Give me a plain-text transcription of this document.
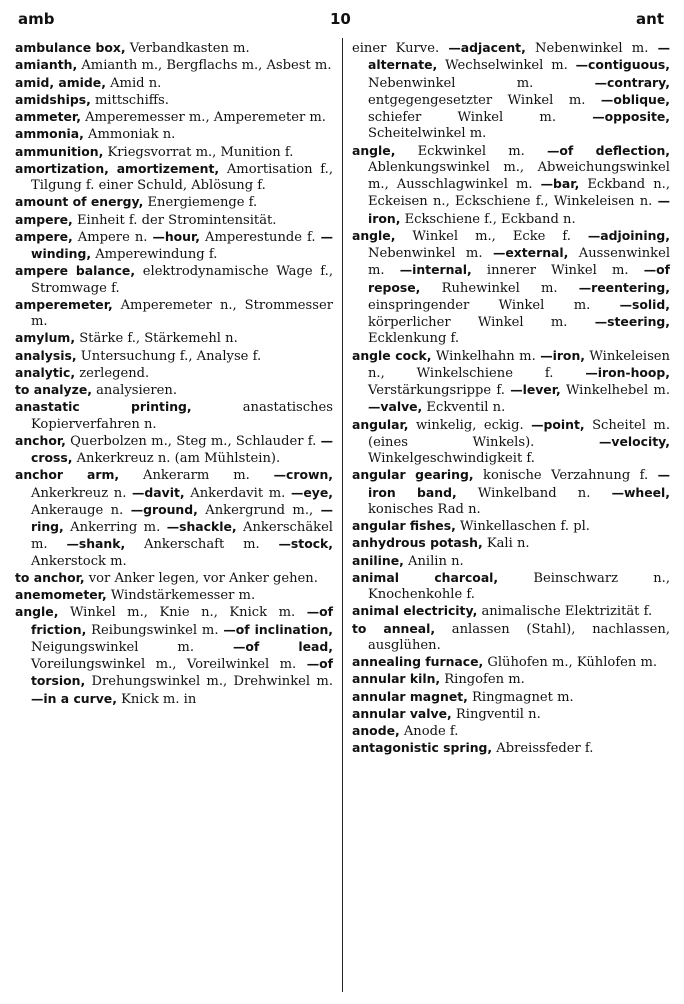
amb	10	ant
ambulance box, Verbandkasten m.
amianth, Amianth m., Bergflachs m., Asbest m.
amid, amide, Amid n.
amidships, mittschiffs.
ammeter, Amperemesser m., Amperemeter m.
ammonia, Ammoniak n.
ammunition, Kriegsvorrat m., Munition f.
amortization, amortizement, Amortisation f., Tilgung f. einer Schuld, Ablösung f.
amount of energy, Energiemenge f.
ampere, Einheit f. der Stromintensität.
ampere, Ampere n. —hour, Amperestunde f. —winding, Amperewindung f.
ampere balance, elektrodynamische Wage f., Stromwage f.
amperemeter, Amperemeter n., Strommesser m.
amylum, Stärke f., Stärkemehl n.
analysis, Untersuchung f., Analyse f.
analytic, zerlegend.
to analyze, analysieren.
anastatic printing, anastatisches Kopierverfahren n.
anchor, Querbolzen m., Steg m., Schlauder f. —cross, Ankerkreuz n. (am Mühlstein).
anchor arm, Ankerarm m. —crown, Ankerkreuz n. —davit, Ankerdavit m. —eye, Ankerauge n. —ground, Ankergrund m., —ring, Ankerring m. —shackle, Ankerschäkel m. —shank, Ankerschaft m. —stock, Ankerstock m.
to anchor, vor Anker legen, vor Anker gehen.
anemometer, Windstärkemesser m.
angle, Winkel m., Knie n., Knick m. —of friction, Reibungswinkel m. —of inclination, Neigungswinkel m. —of lead, Voreilungswinkel m., Voreilwinkel m. —of torsion, Drehungswinkel m., Drehwinkel m. —in a curve, Knick m. in
einer Kurve. —adjacent, Nebenwinkel m. —alternate, Wechselwinkel m. —contiguous, Nebenwinkel m. —contrary, entgegengesetzter Winkel m. —oblique, schiefer Winkel m. —opposite, Scheitelwinkel m.
angle, Eckwinkel m. —of deflection, Ablenkungswinkel m., Abweichungswinkel m., Ausschlagwinkel m. —bar, Eckband n., Eckeisen n., Eckschiene f., Winkeleisen n. —iron, Eckschiene f., Eckband n.
angle, Winkel m., Ecke f. —adjoining, Nebenwinkel m. —external, Aussenwinkel m. —internal, innerer Winkel m. —of repose, Ruhewinkel m. —reentering, einspringender Winkel m. —solid, körperlicher Winkel m. —steering, Ecklenkung f.
angle cock, Winkelhahn m. —iron, Winkeleisen n., Winkelschiene f. —iron-hoop, Verstärkungsrippe f. —lever, Winkelhebel m. —valve, Eckventil n.
angular, winkelig, eckig. —point, Scheitel m. (eines Winkels). —velocity, Winkelgeschwindigkeit f.
angular gearing, konische Verzahnung f. —iron band, Winkelband n. —wheel, konisches Rad n.
angular fishes, Winkellaschen f. pl.
anhydrous potash, Kali n.
aniline, Anilin n.
animal charcoal, Beinschwarz n., Knochenkohle f.
animal electricity, animalische Elektrizität f.
to anneal, anlassen (Stahl), nachlassen, ausglühen.
annealing furnace, Glühofen m., Kühlofen m.
annular kiln, Ringofen m.
annular magnet, Ringmagnet m.
annular valve, Ringventil n.
anode, Anode f.
antagonistic spring, Abreissfeder f.
